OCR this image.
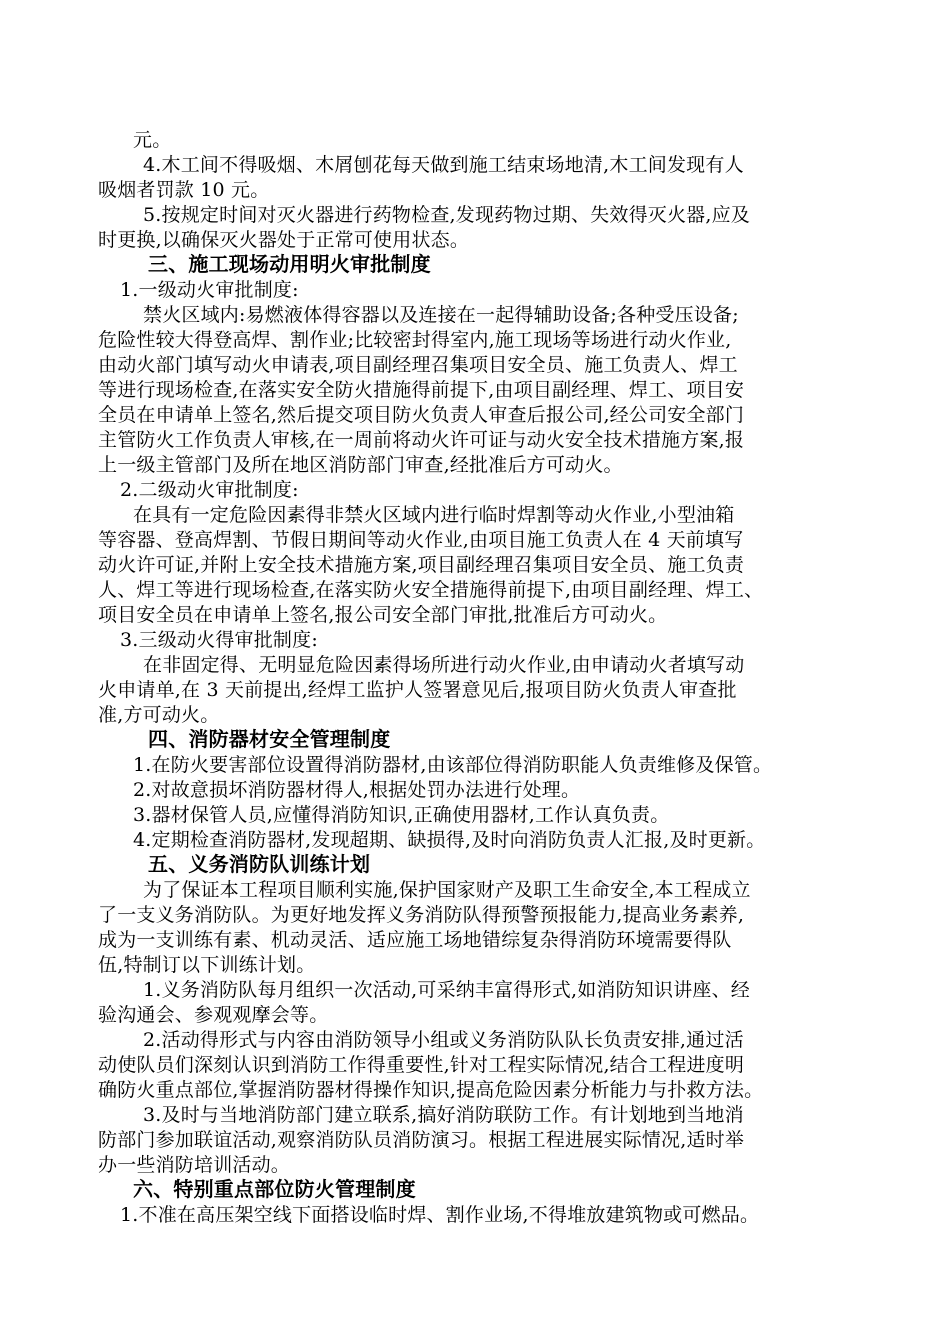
元。
4.木工间不得吸烟、木屑刨花每天做到施工结束场地清,木工间发现有人
吸烟者罚款 10 元。
5.按规定时间对灭火器进行药物检查,发现药物过期、失效得灭火器,应及
时更换,以确保灭火器处于正常可使用状态。
三、施工现场动用明火审批制度
1.一级动火审批制度:
禁火区域内:易燃液体得容器以及连接在一起得辅助设备;各种受压设备;
危险性较大得登高焊、割作业;比较密封得室内,施工现场等场进行动火作业,
由动火部门填写动火申请表,项目副经理召集项目安全员、施工负责人、焊工
等进行现场检查,在落实安全防火措施得前提下,由项目副经理、焊工、项目安
全员在申请单上签名,然后提交项目防火负责人审查后报公司,经公司安全部门
主管防火工作负责人审核,在一周前将动火许可证与动火安全技术措施方案,报
上一级主管部门及所在地区消防部门审查,经批准后方可动火。
2.二级动火审批制度:
在具有一定危险因素得非禁火区域内进行临时焊割等动火作业,小型油箱
等容器、登高焊割、节假日期间等动火作业,由项目施工负责人在 4 天前填写
动火许可证,并附上安全技术措施方案,项目副经理召集项目安全员、施工负责
人、焊工等进行现场检查,在落实防火安全措施得前提下,由项目副经理、焊工、
项目安全员在申请单上签名,报公司安全部门审批,批准后方可动火。
3.三级动火得审批制度:
在非固定得、无明显危险因素得场所进行动火作业,由申请动火者填写动
火申请单,在 3 天前提出,经焊工监护人签署意见后,报项目防火负责人审查批
准,方可动火。
四、消防器材安全管理制度
1.在防火要害部位设置得消防器材,由该部位得消防职能人负责维修及保管。
2.对故意损坏消防器材得人,根据处罚办法进行处理。
3.器材保管人员,应懂得消防知识,正确使用器材,工作认真负责。
4.定期检查消防器材,发现超期、缺损得,及时向消防负责人汇报,及时更新。
五、义务消防队训练计划
为了保证本工程项目顺利实施,保护国家财产及职工生命安全,本工程成立
了一支义务消防队。为更好地发挥义务消防队得预警预报能力,提高业务素养,
成为一支训练有素、机动灵活、适应施工场地错综复杂得消防环境需要得队
伍,特制订以下训练计划。
1.义务消防队每月组织一次活动,可采纳丰富得形式,如消防知识讲座、经
验沟通会、参观观摩会等。
2.活动得形式与内容由消防领导小组或义务消防队队长负责安排,通过活
动使队员们深刻认识到消防工作得重要性,针对工程实际情况,结合工程进度明
确防火重点部位,掌握消防器材得操作知识,提高危险因素分析能力与扑救方法。
3.及时与当地消防部门建立联系,搞好消防联防工作。有计划地到当地消
防部门参加联谊活动,观察消防队员消防演习。根据工程进展实际情况,适时举
办一些消防培训活动。
六、特别重点部位防火管理制度
1.不准在高压架空线下面搭设临时焊、割作业场,不得堆放建筑物或可燃品。
